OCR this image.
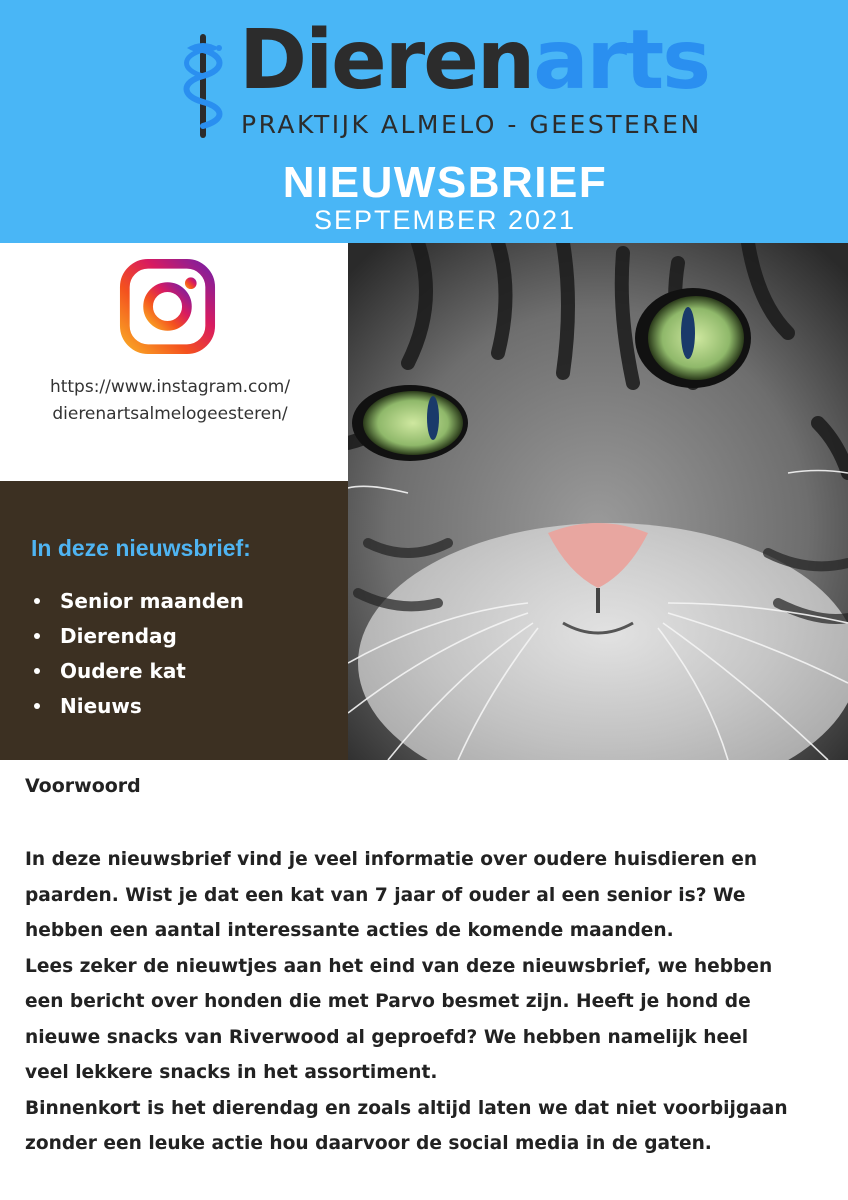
Dierenarts
PRAKTIJK ALMELO - GEESTEREN
NIEUWSBRIEF
SEPTEMBER 2021
https://www.instagram.com/
dierenartsalmelogeesteren/
In deze nieuwsbrief:
Senior maanden
Dierendag
Oudere kat
Nieuws
Voorwoord

In deze nieuwsbrief vind je veel informatie over oudere huisdieren en

paarden. Wist je dat een kat van 7 jaar of ouder al een senior is? We

hebben een aantal interessante acties de komende maanden.

Lees zeker de nieuwtjes aan het eind van deze nieuwsbrief, we hebben

een bericht over honden die met Parvo besmet zijn. Heeft je hond de

nieuwe snacks van Riverwood al geproefd? We hebben namelijk heel

veel lekkere snacks in het assortiment.

Binnenkort is het dierendag en zoals altijd laten we dat niet voorbijgaan

zonder een leuke actie hou daarvoor de social media in de gaten.
